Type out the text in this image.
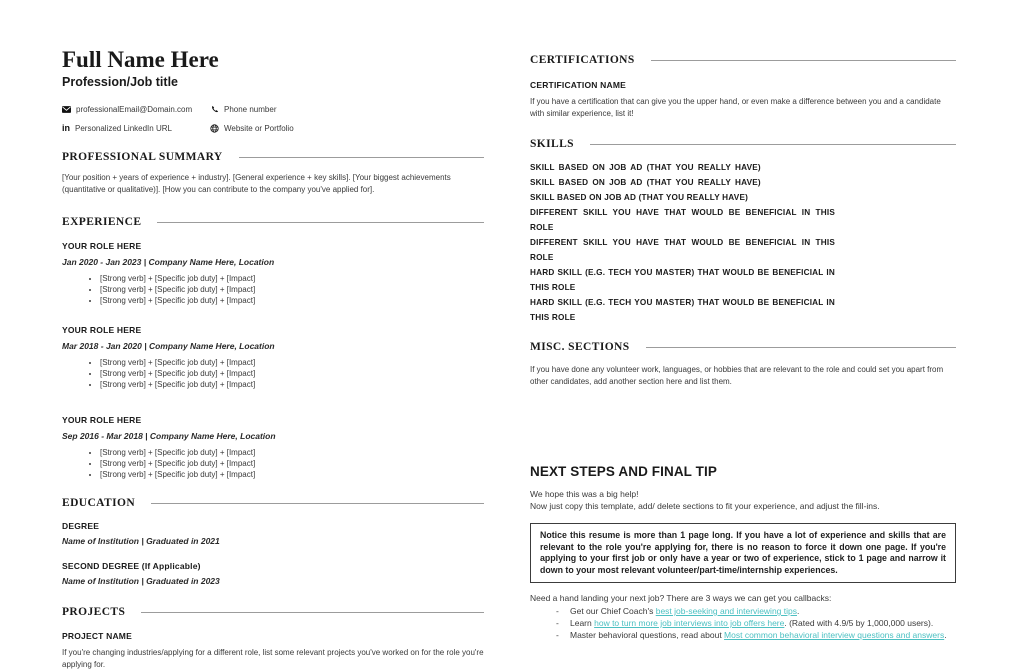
Full Name Here
Profession/Job title
professionalEmail@Domain.com	Phone number
in Personalized LinkedIn URL	Website or Portfolio
PROFESSIONAL SUMMARY

[Your position + years of experience + industry]. [General experience + key skills]. [Your biggest achievements (quantitative or qualitative)]. [How you can contribute to the company you've applied for].

EXPERIENCE
YOUR ROLE HERE
Jan 2020 - Jan 2023 | Company Name Here, Location
• [Strong verb] + [Specific job duty] + [Impact]
• [Strong verb] + [Specific job duty] + [Impact]
• [Strong verb] + [Specific job duty] + [Impact]
YOUR ROLE HERE
Mar 2018 - Jan 2020 | Company Name Here, Location
• [Strong verb] + [Specific job duty] + [Impact]
• [Strong verb] + [Specific job duty] + [Impact]
• [Strong verb] + [Specific job duty] + [Impact]
YOUR ROLE HERE
Sep 2016 - Mar 2018 | Company Name Here, Location
• [Strong verb] + [Specific job duty] + [Impact]
• [Strong verb] + [Specific job duty] + [Impact]
• [Strong verb] + [Specific job duty] + [Impact]
EDUCATION
DEGREE
Name of Institution | Graduated in 2021
SECOND DEGREE (If Applicable)
Name of Institution | Graduated in 2023
PROJECTS
PROJECT NAME

If you're changing industries/applying for a different role, list some relevant projects you've worked on for the role you're applying for.

CERTIFICATIONS
CERTIFICATION NAME

If you have a certification that can give you the upper hand, or even make a difference between you and a candidate with similar experience, list it!

SKILLS
SKILL BASED ON JOB AD (THAT YOU REALLY HAVE)
SKILL BASED ON JOB AD (THAT YOU REALLY HAVE)
SKILL BASED ON JOB AD (THAT YOU REALLY HAVE)
DIFFERENT SKILL YOU HAVE THAT WOULD BE BENEFICIAL IN THIS ROLE
DIFFERENT SKILL YOU HAVE THAT WOULD BE BENEFICIAL IN THIS ROLE
HARD SKILL (E.G. TECH YOU MASTER) THAT WOULD BE BENEFICIAL IN THIS ROLE
HARD SKILL (E.G. TECH YOU MASTER) THAT WOULD BE BENEFICIAL IN THIS ROLE
MISC. SECTIONS

If you have done any volunteer work, languages, or hobbies that are relevant to the role and could set you apart from other candidates, add another section here and list them.

NEXT STEPS AND FINAL TIP
We hope this was a big help!
Now just copy this template, add/ delete sections to fit your experience, and adjust the fill-ins.
Notice this resume is more than 1 page long. If you have a lot of experience and skills that are relevant to the role you're applying for, there is no reason to force it down one page. If you're applying to your first job or only have a year or two of experience, stick to 1 page and narrow it down to your most relevant volunteer/part-time/internship experiences.
Need a hand landing your next job? There are 3 ways we can get you callbacks:
- Get our Chief Coach's best job-seeking and interviewing tips.
- Learn how to turn more job interviews into job offers here. (Rated with 4.9/5 by 1,000,000 users).
- Master behavioral questions, read about Most common behavioral interview questions and answers.
